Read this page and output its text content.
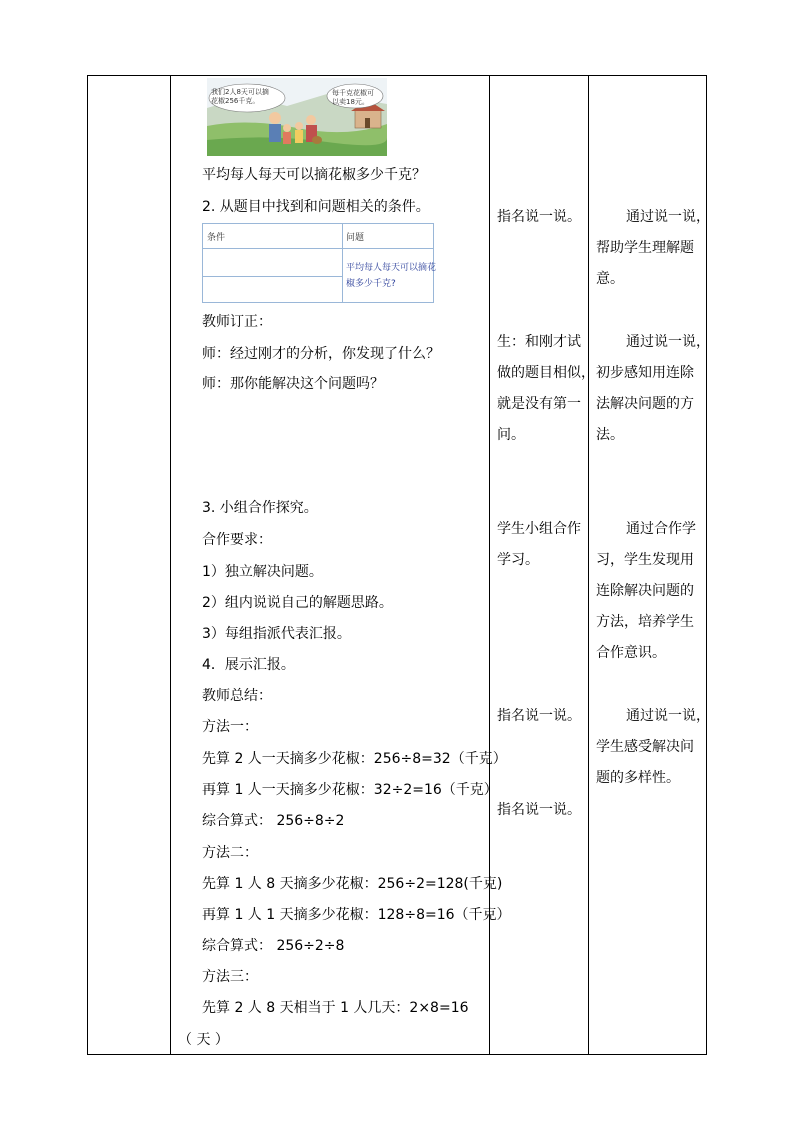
我们2人8天可以摘花椒256千克。
每千克花椒可以卖18元。
平均每人每天可以摘花椒多少千克？
2. 从题目中找到和问题相关的条件。
条件	问题
平均每人每天可以摘花椒多少千克?
教师订正：
师：经过刚才的分析，你发现了什么？
师：那你能解决这个问题吗？
3. 小组合作探究。
合作要求：
1）独立解决问题。
2）组内说说自己的解题思路。
3）每组指派代表汇报。
4．展示汇报。
教师总结：
方法一：
先算 2 人一天摘多少花椒：256÷8=32（千克）
再算 1 人一天摘多少花椒：32÷2=16（千克）
综合算式： 256÷8÷2
方法二：
先算 1 人 8 天摘多少花椒：256÷2=128(千克)
再算 1 人 1 天摘多少花椒：128÷8=16（千克）
综合算式： 256÷2÷8
方法三：
先算 2 人 8 天相当于 1 人几天：2×8=16
（ 天 ）
指名说一说。
生：和刚才试
做的题目相似，
就是没有第一
问。
学生小组合作
学习。
指名说一说。
指名说一说。
通过说一说，
帮助学生理解题
意。
通过说一说，
初步感知用连除
法解决问题的方
法。
通过合作学
习，学生发现用
连除解决问题的
方法，培养学生
合作意识。
通过说一说，
学生感受解决问
题的多样性。
